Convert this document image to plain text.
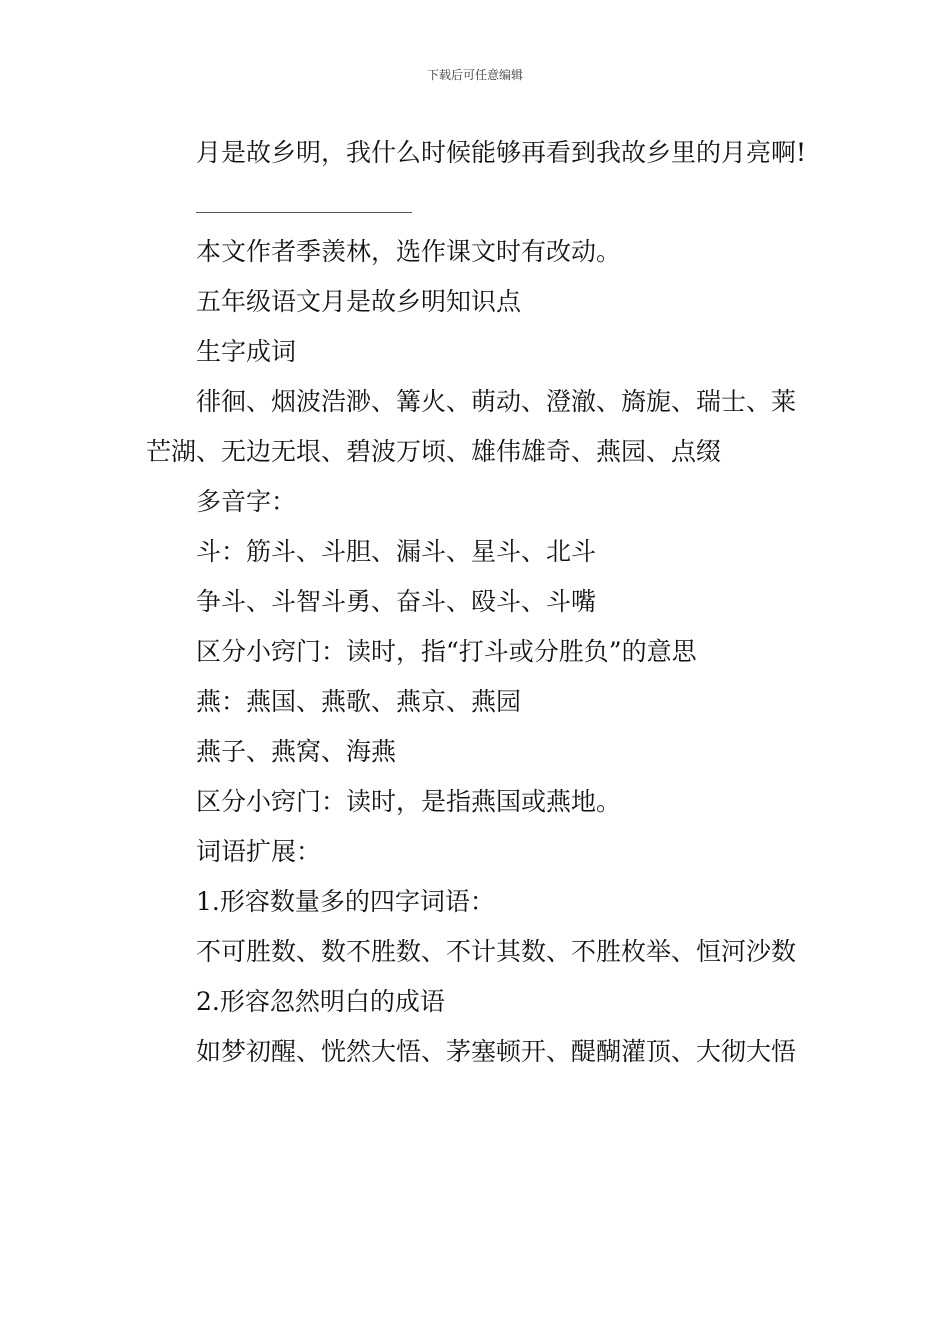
下载后可任意编辑

月是故乡明，我什么时候能够再看到我故乡里的月亮啊!

本文作者季羡林，选作课文时有改动。

五年级语文月是故乡明知识点

生字成词

徘徊、烟波浩渺、篝火、萌动、澄澈、旖旎、瑞士、莱芒湖、无边无垠、碧波万顷、雄伟雄奇、燕园、点缀

多音字：

斗：筋斗、斗胆、漏斗、星斗、北斗

争斗、斗智斗勇、奋斗、殴斗、斗嘴

区分小窍门：读时，指“打斗或分胜负”的意思

燕：燕国、燕歌、燕京、燕园

燕子、燕窝、海燕

区分小窍门：读时，是指燕国或燕地。

词语扩展：

1.形容数量多的四字词语：

不可胜数、数不胜数、不计其数、不胜枚举、恒河沙数

2.形容忽然明白的成语

如梦初醒、恍然大悟、茅塞顿开、醍醐灌顶、大彻大悟
